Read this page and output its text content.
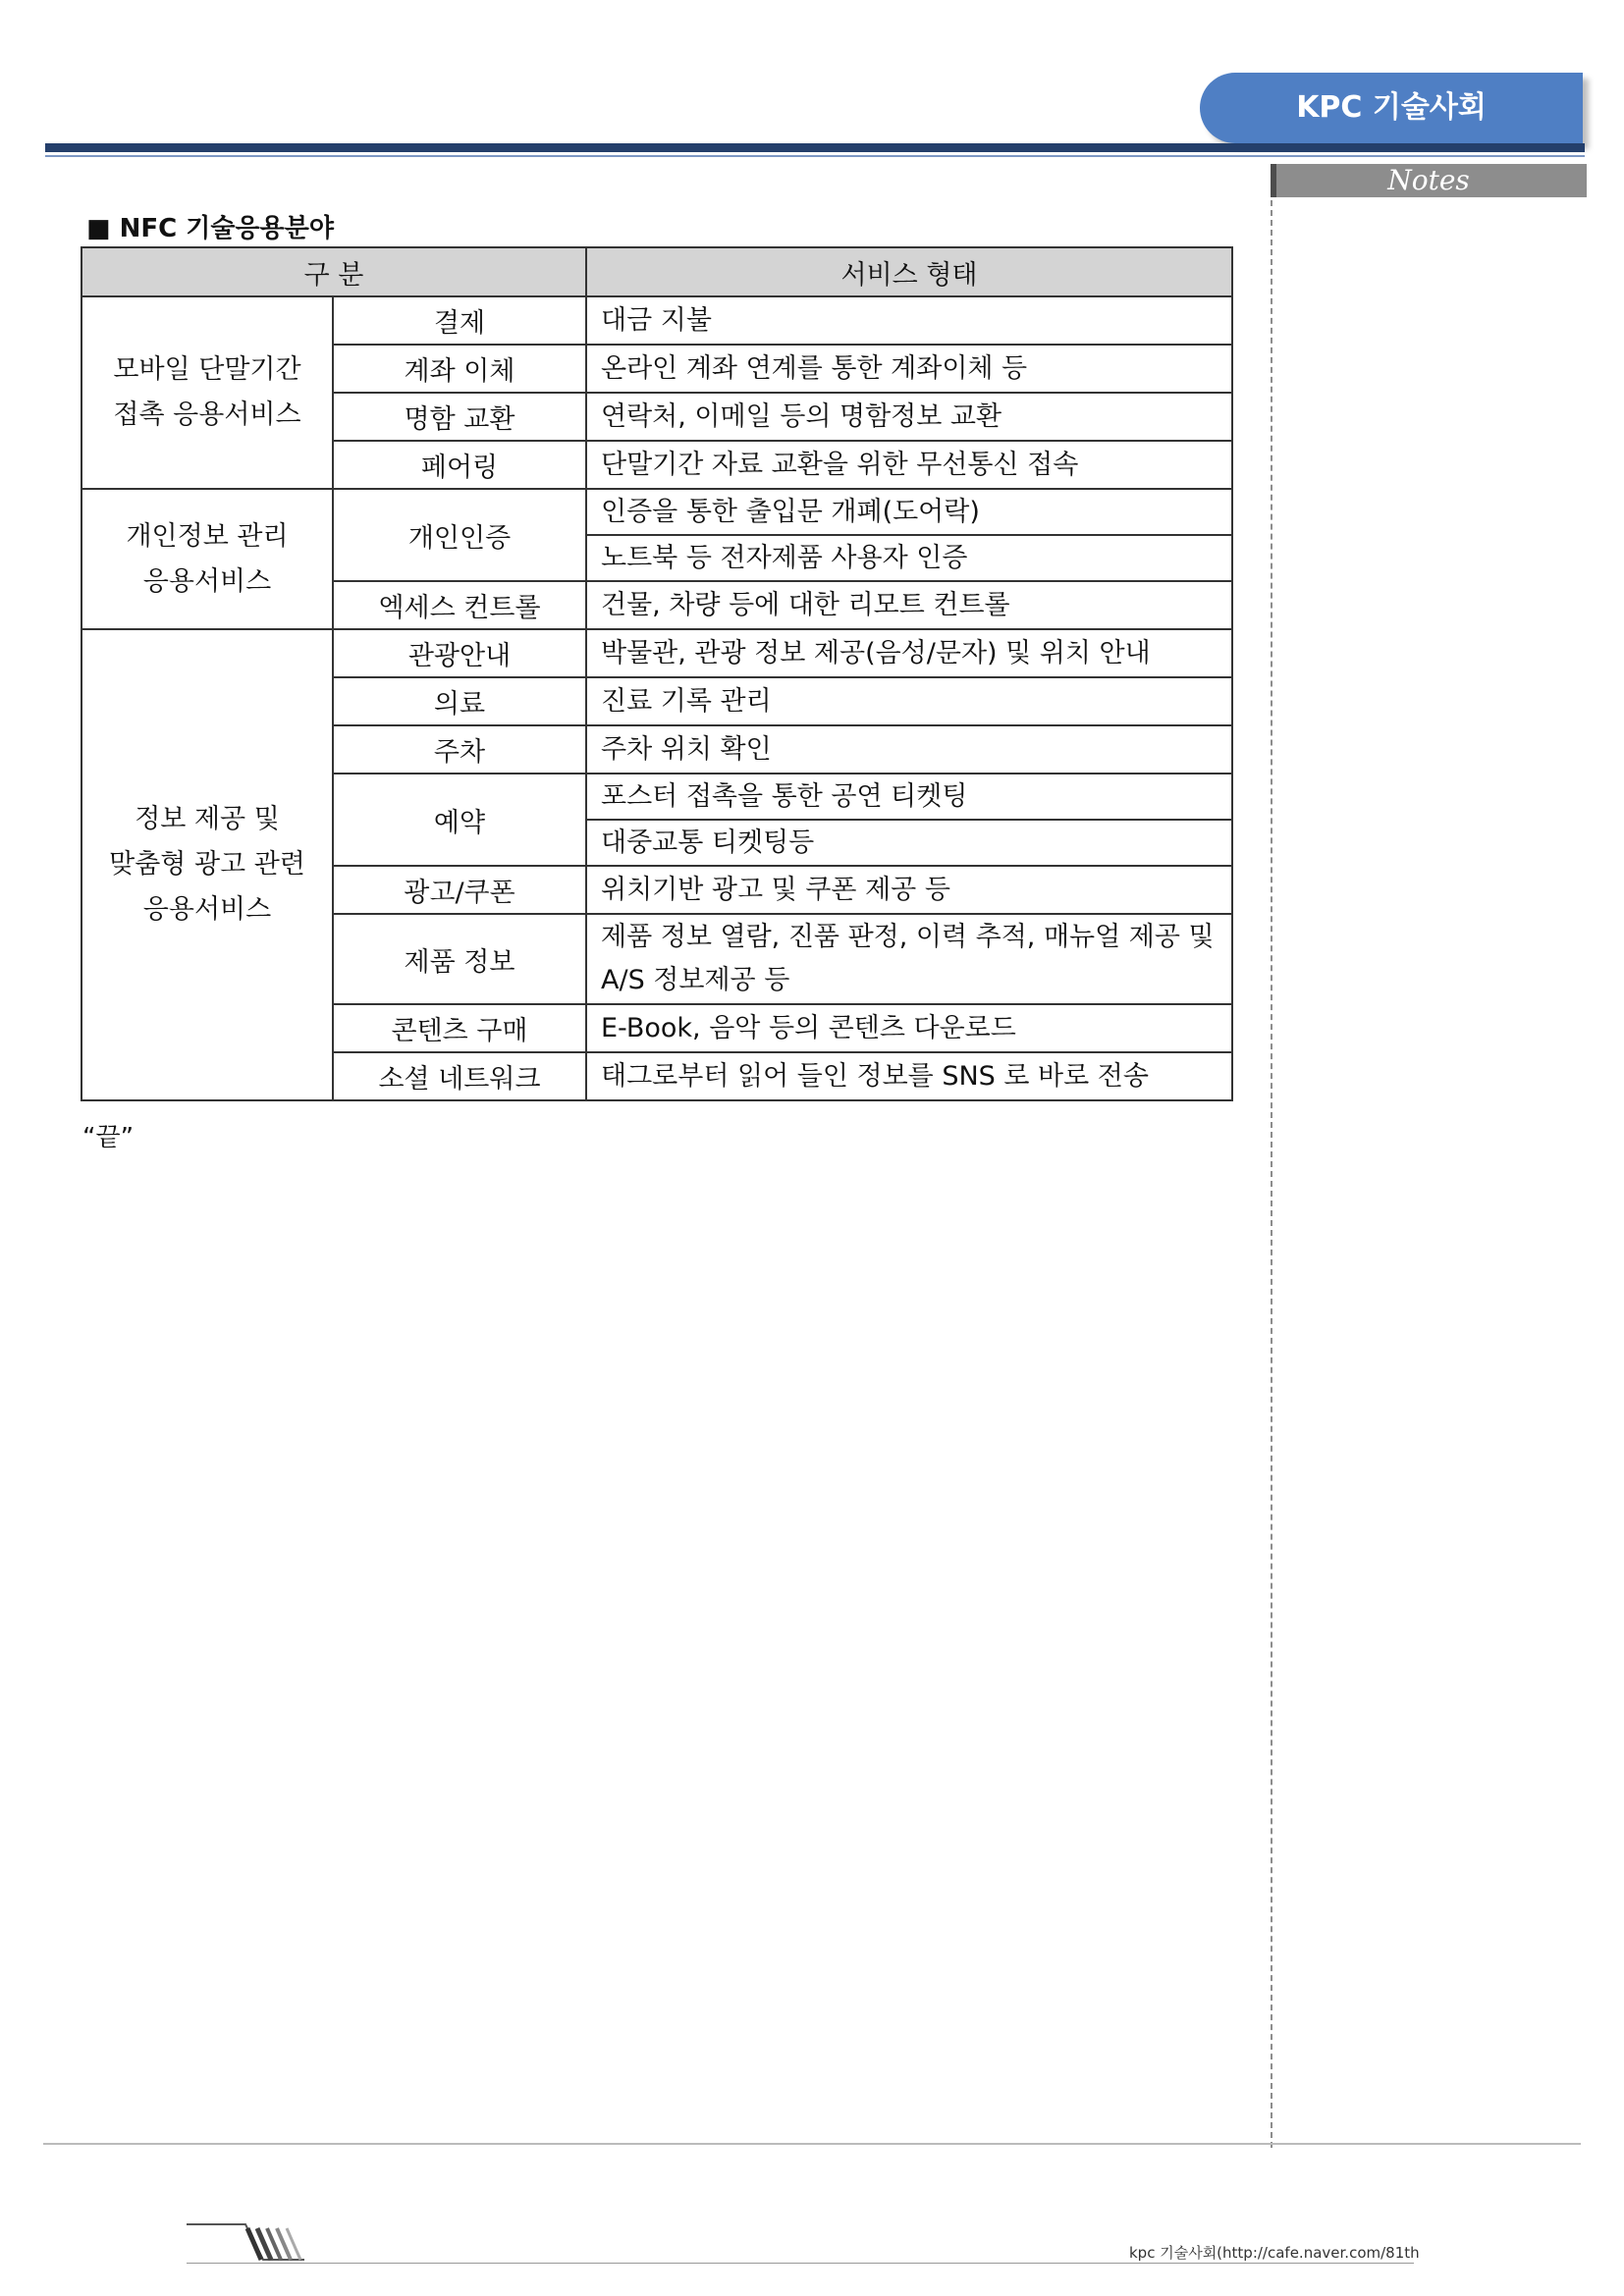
KPC 기술사회
Notes
■ NFC 기술응용분야
구 분		서비스 형태

모바일 단말기간
접촉 응용서비스	결제	대금 지불
	계좌 이체	온라인 계좌 연계를 통한 계좌이체 등
	명함 교환	연락처, 이메일 등의 명함정보 교환
	페어링	단말기간 자료 교환을 위한 무선통신 접속

개인정보 관리
응용서비스	개인인증	인증을 통한 출입문 개폐(도어락)
		노트북 등 전자제품 사용자 인증
	엑세스 컨트롤	건물, 차량 등에 대한 리모트 컨트롤

정보 제공 및
맞춤형 광고 관련
응용서비스	관광안내	박물관, 관광 정보 제공(음성/문자) 및 위치 안내
	의료	진료 기록 관리
	주차	주차 위치 확인
	예약	포스터 접촉을 통한 공연 티켓팅
		대중교통 티켓팅등
	광고/쿠폰	위치기반 광고 및 쿠폰 제공 등
	제품 정보	제품 정보 열람, 진품 판정, 이력 추적, 매뉴얼 제공 및 A/S 정보제공 등
	콘텐츠 구매	E-Book, 음악 등의 콘텐츠 다운로드
	소셜 네트워크	태그로부터 읽어 들인 정보를 SNS 로 바로 전송
“끝”
kpc 기술사회(http://cafe.naver.com/81th
